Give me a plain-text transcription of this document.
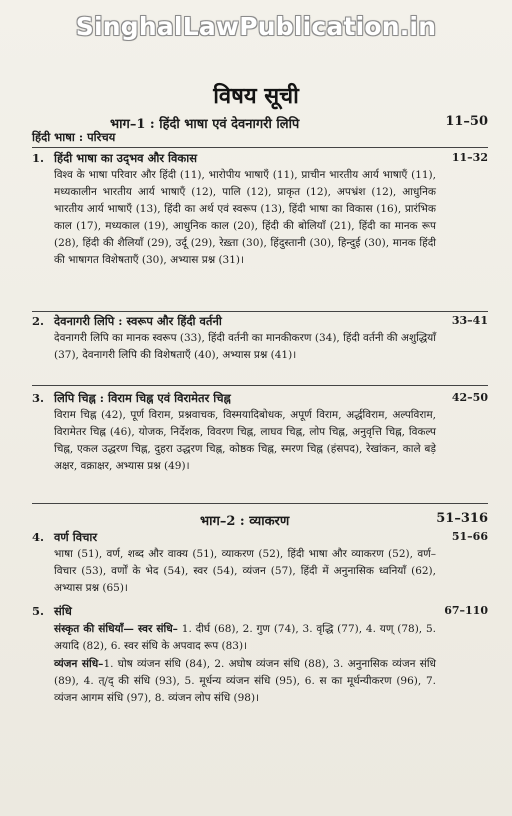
SinghalLawPublication.in
विषय सूची
भाग–1 : हिंदी भाषा एवं देवनागरी लिपि	11–50
हिंदी भाषा : परिचय
1. हिंदी भाषा का उद्‌भव और विकास	11–32
विश्व के भाषा परिवार और हिंदी (11), भारोपीय भाषाएँ (11), प्राचीन भारतीय आर्य भाषाएँ (11), मध्यकालीन भारतीय आर्य भाषाएँ (12), पालि (12), प्राकृत (12), अपभ्रंश (12), आधुनिक भारतीय आर्य भाषाएँ (13), हिंदी का अर्थ एवं स्वरूप (13), हिंदी भाषा का विकास (16), प्रारंभिक काल (17), मध्यकाल (19), आधुनिक काल (20), हिंदी की बोलियाँ (21), हिंदी का मानक रूप (28), हिंदी की शैलियाँ (29), उर्दू (29), रेख़्ता (30), हिंदुस्तानी (30), हिन्दुई (30), मानक हिंदी की भाषागत विशेषताएँ (30), अभ्यास प्रश्न (31)।
2. देवनागरी लिपि : स्वरूप और हिंदी वर्तनी	33–41
देवनागरी लिपि का मानक स्वरूप (33), हिंदी वर्तनी का मानकीकरण (34), हिंदी वर्तनी की अशुद्धियाँ (37), देवनागरी लिपि की विशेषताएँ (40), अभ्यास प्रश्न (41)।
3. लिपि चिह्न : विराम चिह्न एवं विरामेतर चिह्न	42–50
विराम चिह्न (42), पूर्ण विराम, प्रश्नवाचक, विस्मयादिबोधक, अपूर्ण विराम, अर्द्धविराम, अल्पविराम, विरामेतर चिह्न (46), योजक, निर्देशक, विवरण चिह्न, लाघव चिह्न, लोप चिह्न, अनुवृत्ति चिह्न, विकल्प चिह्न, एकल उद्धरण चिह्न, दुहरा उद्धरण चिह्न, कोष्ठक चिह्न, स्मरण चिह्न (हंसपद), रेखांकन, काले बड़े अक्षर, वक्राक्षर, अभ्यास प्रश्न (49)।
भाग–2 : व्याकरण	51–316
4. वर्ण विचार	51–66
भाषा (51), वर्ण, शब्द और वाक्य (51), व्याकरण (52), हिंदी भाषा और व्याकरण (52), वर्ण–विचार (53), वर्णों के भेद (54), स्वर (54), व्यंजन (57), हिंदी में अनुनासिक ध्वनियाँ (62), अभ्यास प्रश्न (65)।
5. संधि	67–110
संस्कृत की संधियाँ— स्वर संधि– 1. दीर्घ (68), 2. गुण (74), 3. वृद्धि (77), 4. यण् (78), 5. अयादि (82), 6. स्वर संधि के अपवाद रूप (83)।
व्यंजन संधि–1. घोष व्यंजन संधि (84), 2. अघोष व्यंजन संधि (88), 3. अनुनासिक व्यंजन संधि (89), 4. त्/द् की संधि (93), 5. मूर्धन्य व्यंजन संधि (95), 6. स का मूर्धन्यीकरण (96), 7. व्यंजन आगम संधि (97), 8. व्यंजन लोप संधि (98)।
